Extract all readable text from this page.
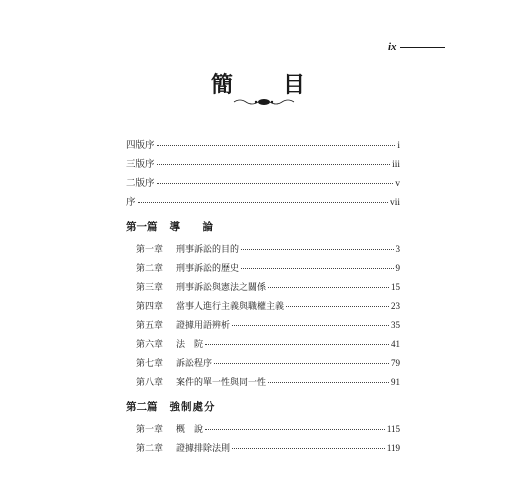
ix
簡　目
四版序	i
三版序	iii
二版序	v
序	vii
第一篇 導　論
第一章 刑事訴訟的目的	3
第二章 刑事訴訟的歷史	9
第三章 刑事訴訟與憲法之關係	15
第四章 當事人進行主義與職權主義	23
第五章 證據用語辨析	35
第六章 法　院	41
第七章 訴訟程序	79
第八章 案件的單一性與同一性	91
第二篇 強制處分
第一章 概　說	115
第二章 證據排除法則	119
